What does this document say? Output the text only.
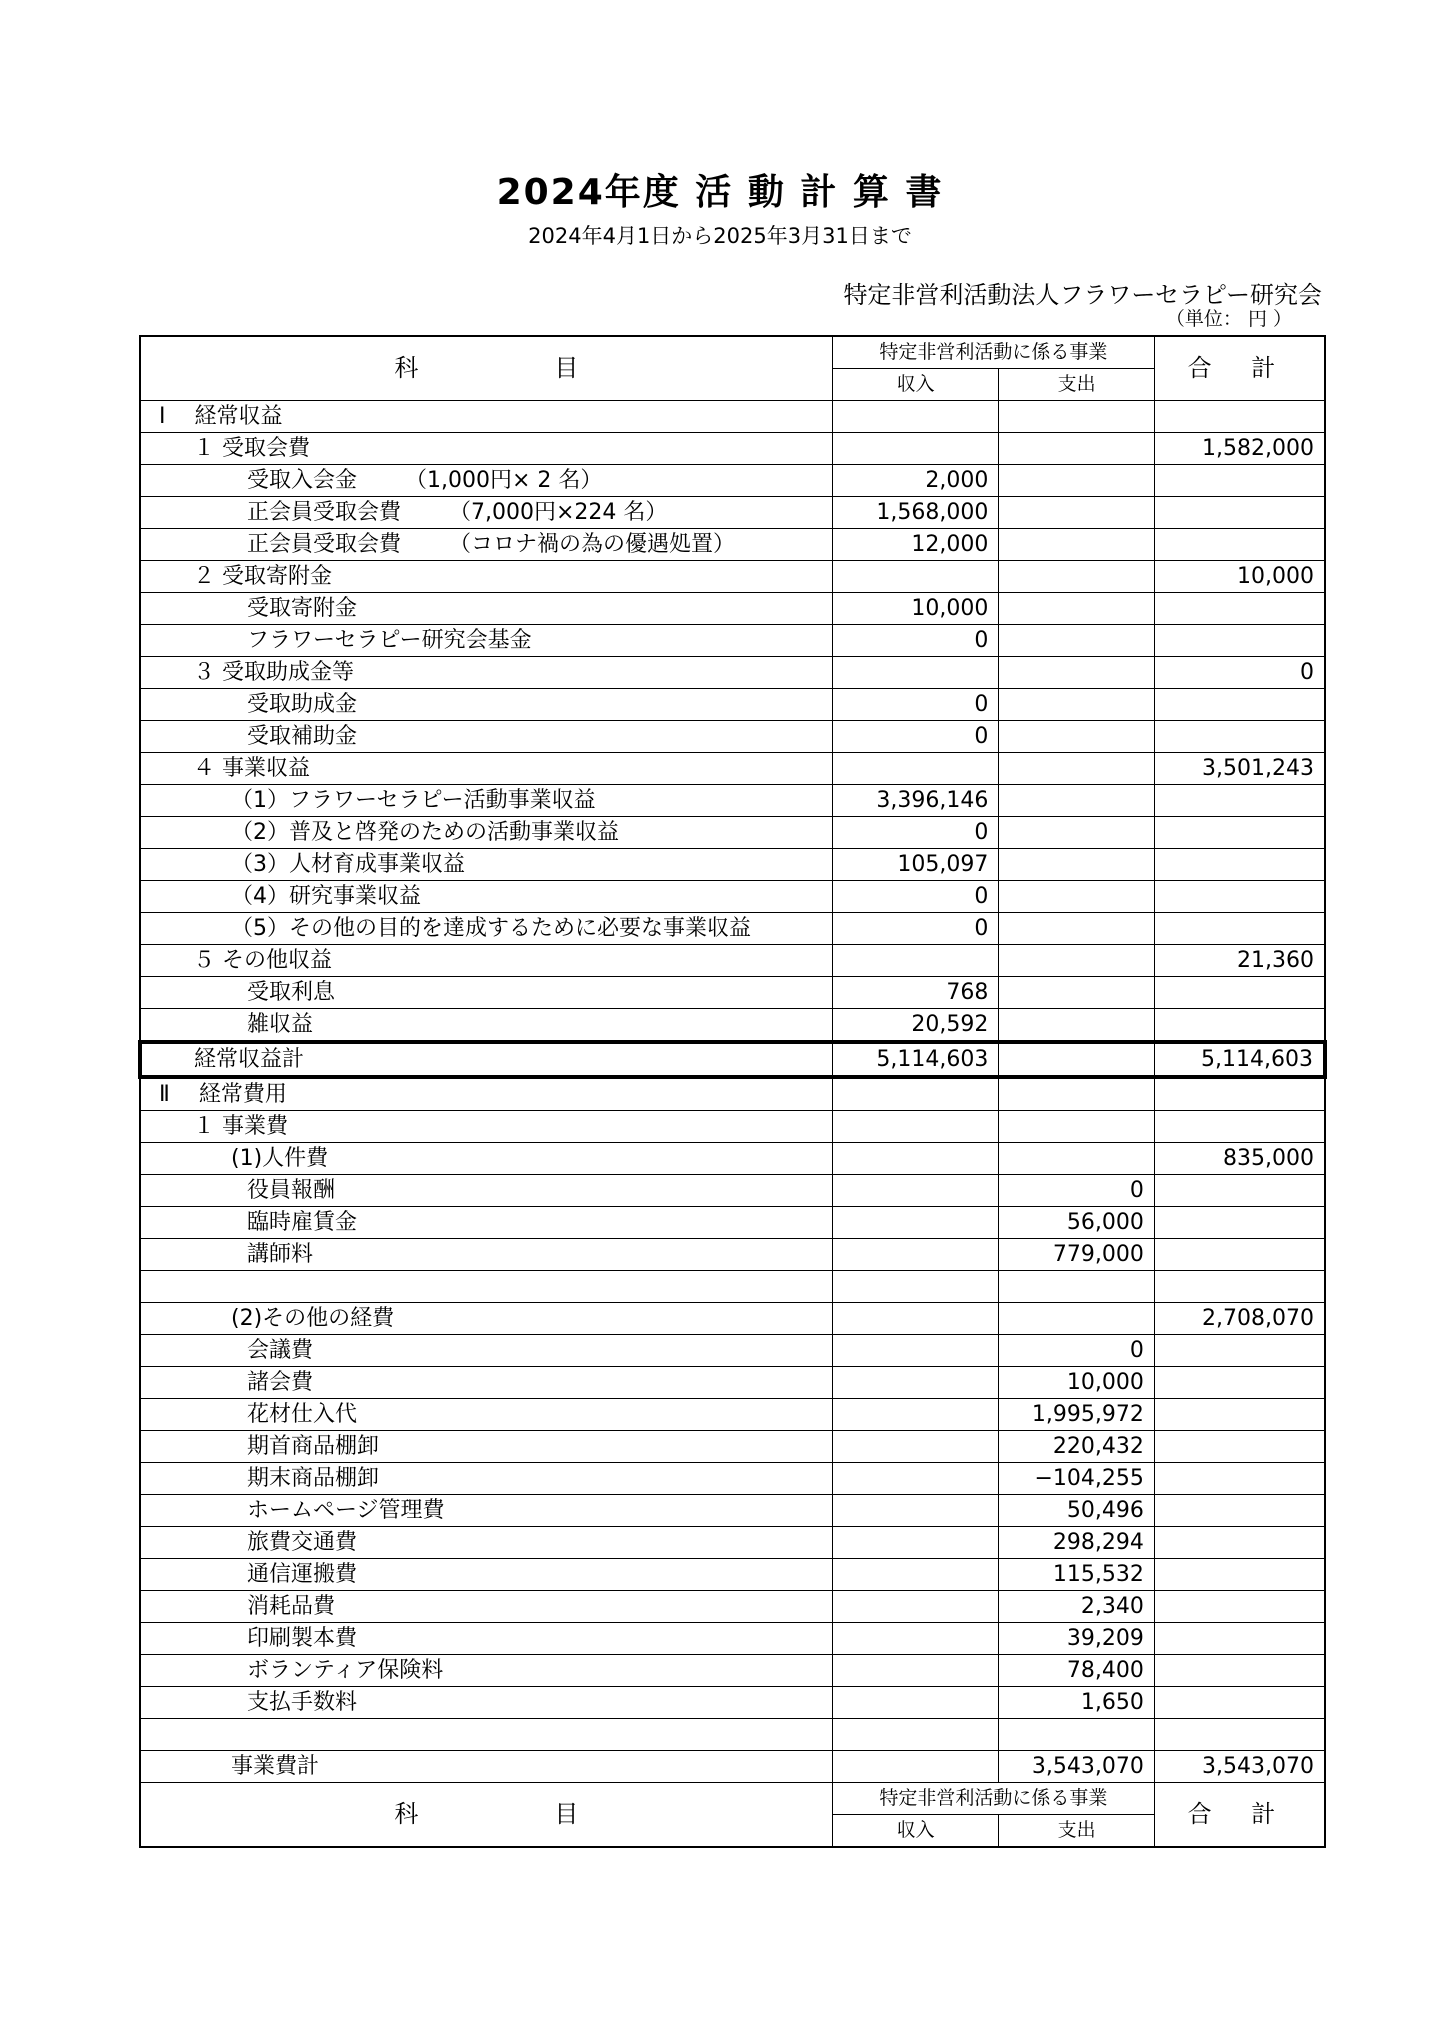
2024年度 活 動 計 算 書
2024年4月1日から2025年3月31日まで
特定非営利活動法人フラワーセラピー研究会
（単位： 円 ）
科 目	特定非営利活動に係る事業		合 計
	収入	支出	
Ⅰ　 経常収益			
１ 受取会費			1,582,000
受取入会金 （1,000円× 2 名）	2,000		
正会員受取会費 （7,000円×224 名）	1,568,000		
正会員受取会費 （コロナ禍の為の優遇処置）	12,000		
２ 受取寄附金			10,000
受取寄附金	10,000		
フラワーセラピー研究会基金	0		
３ 受取助成金等			0
受取助成金	0		
受取補助金	0		
４ 事業収益			3,501,243
（1）フラワーセラピー活動事業収益	3,396,146		
（2）普及と啓発のための活動事業収益	0		
（3）人材育成事業収益	105,097		
（4）研究事業収益	0		
（5）その他の目的を達成するために必要な事業収益	0		
５ その他収益			21,360
受取利息	768		
雑収益	20,592		
経常収益計	5,114,603		5,114,603
Ⅱ　 経常費用			
１ 事業費			
(1)人件費			835,000
役員報酬		0	
臨時雇賃金		56,000	
講師料		779,000	

(2)その他の経費			2,708,070
会議費		0	
諸会費		10,000	
花材仕入代		1,995,972	
期首商品棚卸		220,432	
期末商品棚卸		−104,255	
ホームページ管理費		50,496	
旅費交通費		298,294	
通信運搬費		115,532	
消耗品費		2,340	
印刷製本費		39,209	
ボランティア保険料		78,400	
支払手数料		1,650	

事業費計		3,543,070	3,543,070
科 目	特定非営利活動に係る事業		合 計
	収入	支出	
